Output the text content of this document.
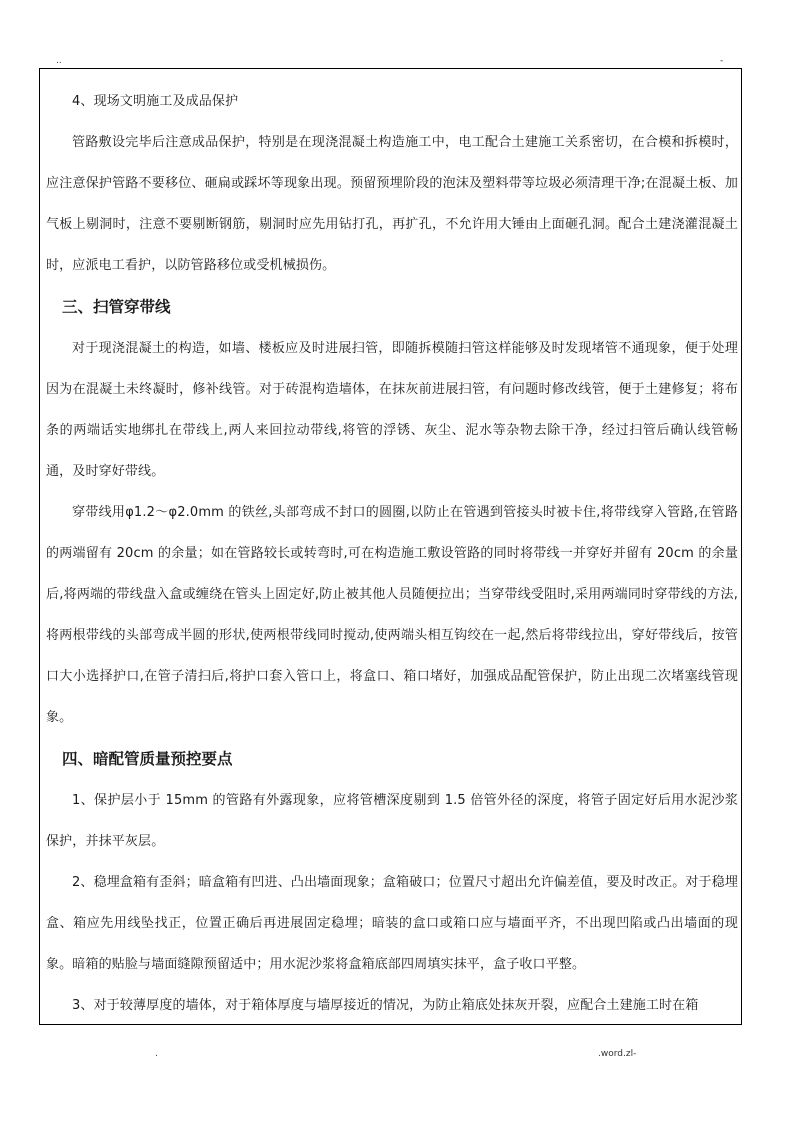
..	-

4、现场文明施工及成品保护

管路敷设完毕后注意成品保护，特别是在现浇混凝土构造施工中，电工配合土建施工关系密切，在合模和拆模时，应注意保护管路不要移位、砸扁或踩坏等现象出现。预留预埋阶段的泡沫及塑料带等垃圾必须清理干净;在混凝土板、加气板上剔洞时，注意不要剔断钢筋，剔洞时应先用钻打孔，再扩孔，不允许用大锤由上面砸孔洞。配合土建浇灌混凝土时，应派电工看护，以防管路移位或受机械损伤。

三、扫管穿带线

对于现浇混凝土的构造，如墙、楼板应及时进展扫管，即随拆模随扫管这样能够及时发现堵管不通现象，便于处理因为在混凝土未终凝时，修补线管。对于砖混构造墙体，在抹灰前进展扫管，有问题时修改线管，便于土建修复；将布条的两端话实地绑扎在带线上,两人来回拉动带线,将管的浮锈、灰尘、泥水等杂物去除干净，经过扫管后确认线管畅通，及时穿好带线。

穿带线用φ1.2～φ2.0mm 的铁丝,头部弯成不封口的圆圈,以防止在管遇到管接头时被卡住,将带线穿入管路,在管路的两端留有 20cm 的余量；如在管路较长或转弯时,可在构造施工敷设管路的同时将带线一并穿好并留有 20cm 的余量后,将两端的带线盘入盒或缠绕在管头上固定好,防止被其他人员随便拉出；当穿带线受阻时,采用两端同时穿带线的方法,将两根带线的头部弯成半圆的形状,使两根带线同时搅动,使两端头相互钩绞在一起,然后将带线拉出，穿好带线后，按管口大小选择护口,在管子清扫后,将护口套入管口上，将盒口、箱口堵好，加强成品配管保护，防止出现二次堵塞线管现象。

四、暗配管质量预控要点

1、保护层小于 15mm 的管路有外露现象，应将管槽深度剔到 1.5 倍管外径的深度，将管子固定好后用水泥沙浆保护，并抹平灰层。

2、稳埋盒箱有歪斜；暗盒箱有凹进、凸出墙面现象；盒箱破口；位置尺寸超出允许偏差值，要及时改正。对于稳埋盒、箱应先用线坠找正，位置正确后再进展固定稳埋；暗装的盒口或箱口应与墙面平齐，不出现凹陷或凸出墙面的现象。暗箱的贴脸与墙面缝隙预留适中；用水泥沙浆将盒箱底部四周填实抹平，盒子收口平整。

3、对于较薄厚度的墙体，对于箱体厚度与墙厚接近的情况，为防止箱底处抹灰开裂，应配合土建施工时在箱

.	.word.zl-
